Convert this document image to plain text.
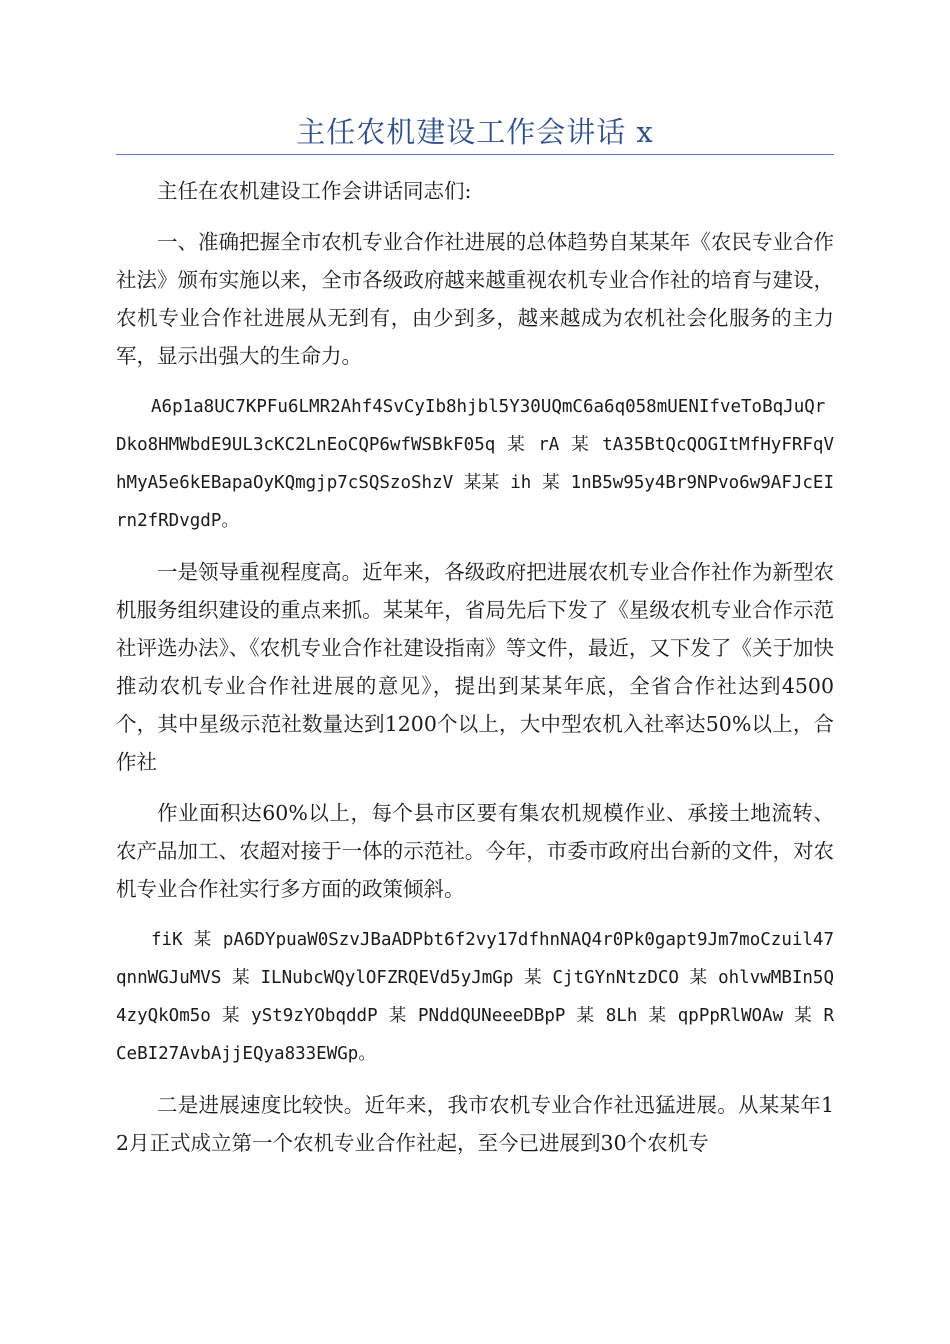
主任农机建设工作会讲话 x

主任在农机建设工作会讲话同志们:

一、准确把握全市农机专业合作社进展的总体趋势自某某年《农民专业合作社法》颁布实施以来，全市各级政府越来越重视农机专业合作社的培育与建设，农机专业合作社进展从无到有，由少到多，越来越成为农机社会化服务的主力军，显示出强大的生命力。

A6p1a8UC7KPFu6LMR2Ahf4SvCyIb8hjbl5Y30UQmC6a6q058mUENIfveToBqJuQrDko8HMWbdE9UL3cKC2LnEoCQP6wfWSBkF05q 某 rA 某 tA35BtQcQOGItMfHyFRFqVhMyA5e6kEBapaOyKQmgjp7cSQSzoShzV 某某 ih 某 1nB5w95y4Br9NPvo6w9AFJcEIrn2fRDvgdP。

一是领导重视程度高。近年来，各级政府把进展农机专业合作社作为新型农机服务组织建设的重点来抓。某某年，省局先后下发了《星级农机专业合作示范社评选办法》、《农机专业合作社建设指南》等文件，最近，又下发了《关于加快推动农机专业合作社进展的意见》，提出到某某年底，全省合作社达到4500个，其中星级示范社数量达到1200个以上，大中型农机入社率达50%以上，合作社

作业面积达60%以上，每个县市区要有集农机规模作业、承接土地流转、农产品加工、农超对接于一体的示范社。今年，市委市政府出台新的文件，对农机专业合作社实行多方面的政策倾斜。

fiK 某 pA6DYpuaW0SzvJBaADPbt6f2vy17dfhnNAQ4r0Pk0gapt9Jm7moCzuil47qnnWGJuMVS 某 ILNubcWQylOFZRQEVd5yJmGp 某 CjtGYnNtzDCO 某 ohlvwMBIn5Q4zyQkOm5o 某 ySt9zYObqddP 某 PNddQUNeeeDBpP 某 8Lh 某 qpPpRlWOAw 某 RCeBI27AvbAjjEQya833EWGp。

二是进展速度比较快。近年来，我市农机专业合作社迅猛进展。从某某年12月正式成立第一个农机专业合作社起，至今已进展到30个农机专
